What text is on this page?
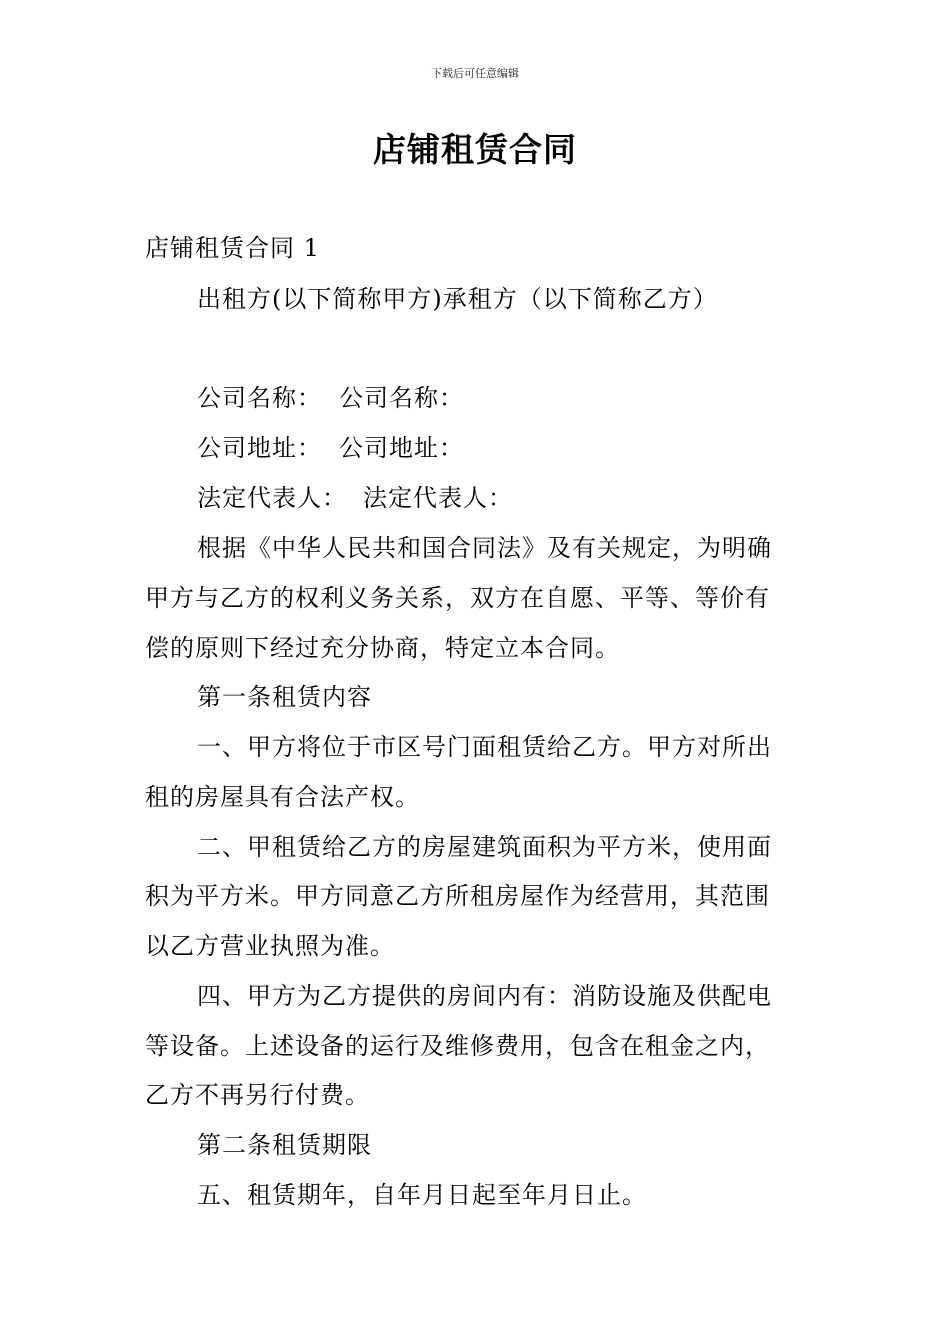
下载后可任意编辑
店铺租赁合同
店铺租赁合同 1
出租方(以下简称甲方)承租方（以下简称乙方）
公司名称： 公司名称：
公司地址： 公司地址：
法定代表人： 法定代表人：
根据《中华人民共和国合同法》及有关规定，为明确
甲方与乙方的权利义务关系，双方在自愿、平等、等价有
偿的原则下经过充分协商，特定立本合同。
第一条租赁内容
一、甲方将位于市区号门面租赁给乙方。甲方对所出
租的房屋具有合法产权。
二、甲租赁给乙方的房屋建筑面积为平方米，使用面
积为平方米。甲方同意乙方所租房屋作为经营用，其范围
以乙方营业执照为准。
四、甲方为乙方提供的房间内有：消防设施及供配电
等设备。上述设备的运行及维修费用，包含在租金之内，
乙方不再另行付费。
第二条租赁期限
五、租赁期年，自年月日起至年月日止。
